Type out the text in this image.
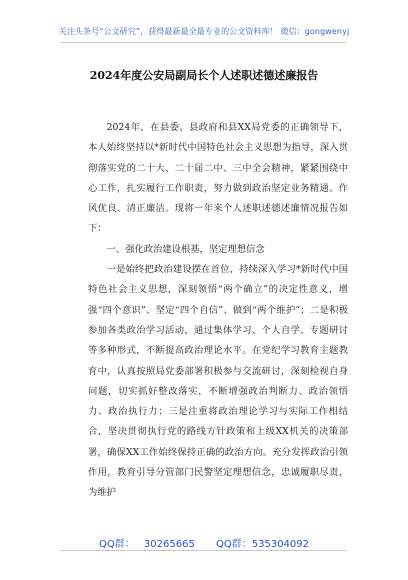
关注头条号“公文研究”，获得最新最全最专业的公文资料库！ 微信：gongwenyj
2024年度公安局副局长个人述职述德述廉报告

2024年，在县委、县政府和县XX局党委的正确领导下，本人始终坚持以*新时代中国特色社会主义思想为指导，深入贯彻落实党的二十大、二十届二中、三中全会精神，紧紧围绕中心工作，扎实履行工作职责，努力做到政治坚定业务精通、作风优良、清正廉洁。现将一年来个人述职述德述廉情况报告如下：

一、强化政治建设根基，坚定理想信念

一是始终把政治建设摆在首位，持续深入学习*新时代中国特色社会主义思想，深刻领悟“两个确立”的决定性意义，增强“四个意识”、坚定“四个自信”、做到“两个维护”；二是积极参加各类政治学习活动，通过集体学习、个人自学、专题研讨等多种形式，不断提高政治理论水平。在党纪学习教育主题教育中，认真按照局党委部署积极参与交流研讨，深刻检视自身问题，切实抓好整改落实，不断增强政治判断力、政治领悟力、政治执行力；三是注重将政治理论学习与实际工作相结合，坚决贯彻执行党的路线方针政策和上级XX机关的决策部署，确保XX工作始终保持正确的政治方向。充分发挥政治引领作用，教育引导分管部门民警坚定理想信念，忠诚履职尽责，为维护

QQ群： 30265665 QQ群：535304092
